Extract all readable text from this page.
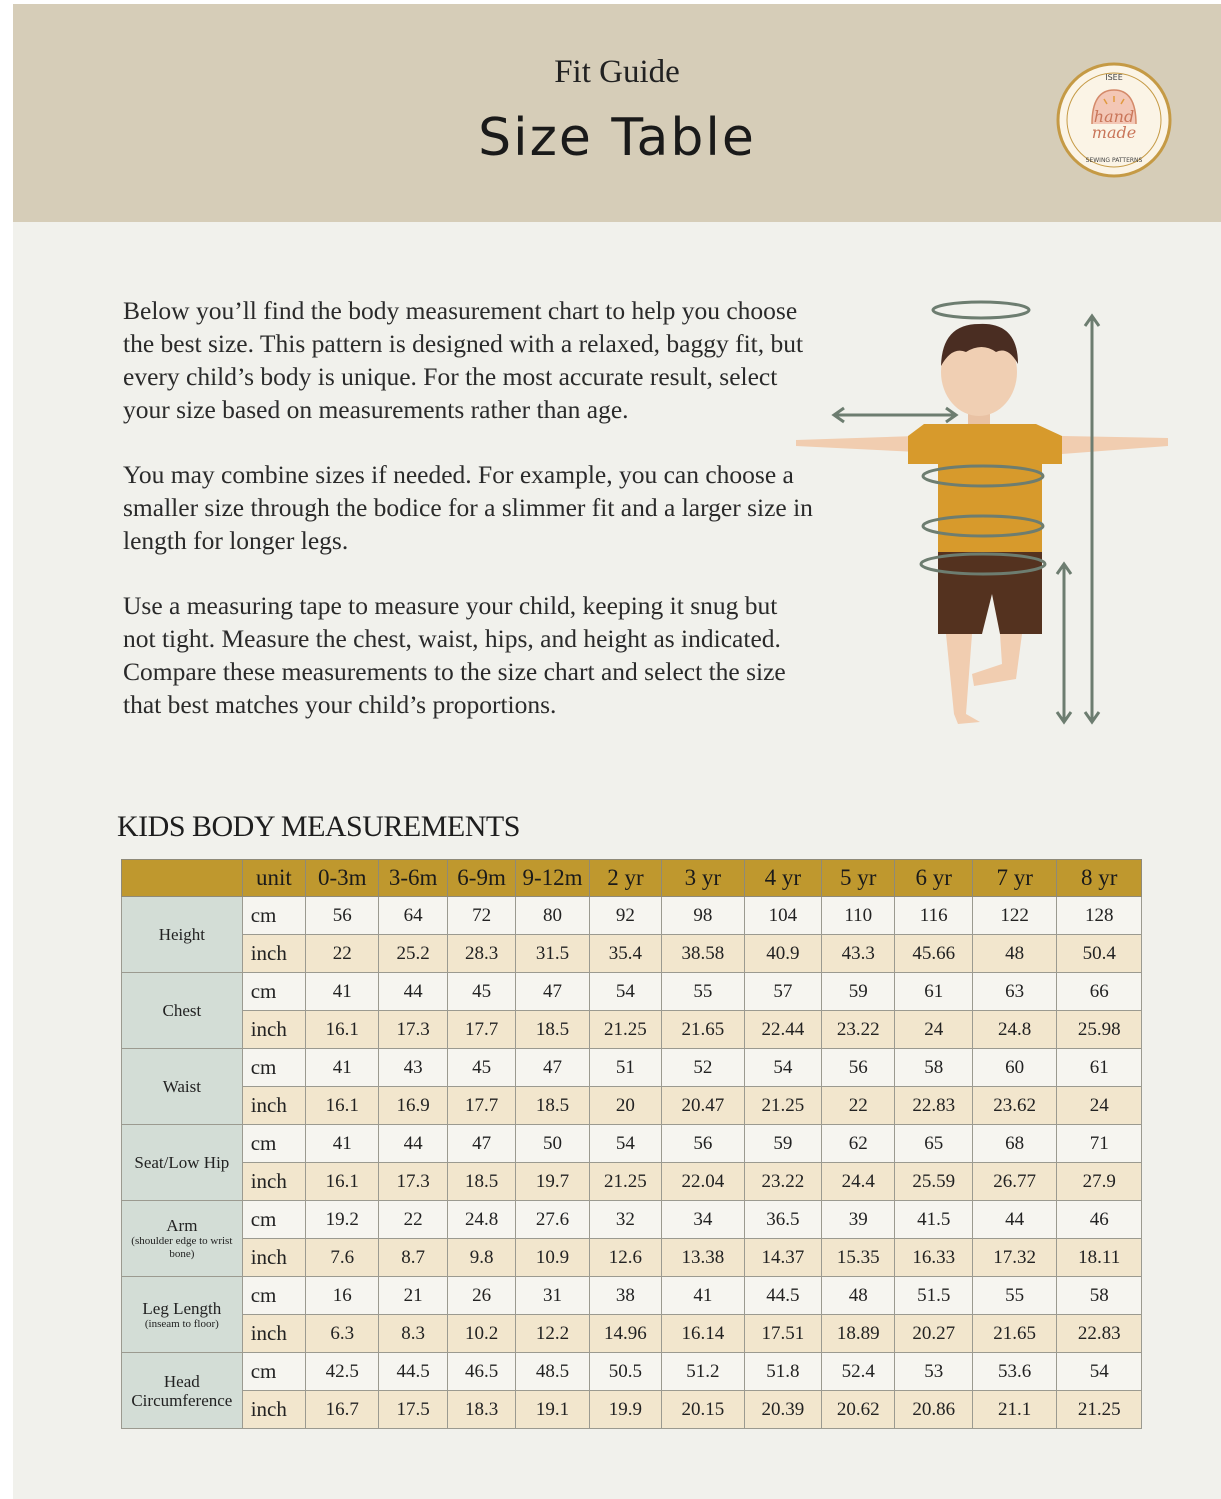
Fit Guide
Size Table
ISEE
hand
made
SEWING PATTERNS

Below you’ll find the body measurement chart to help you choose the best size. This pattern is designed with a relaxed, baggy fit, but every child’s body is unique. For the most accurate result, select your size based on measurements rather than age.

You may combine sizes if needed. For example, you can choose a smaller size through the bodice for a slimmer fit and a larger size in length for longer legs.

Use a measuring tape to measure your child, keeping it snug but not tight. Measure the chest, waist, hips, and height as indicated. Compare these measurements to the size chart and select the size that best matches your child’s proportions.

KIDS BODY MEASUREMENTS
	unit	0-3m	3-6m	6-9m	9-12m	2 yr	3 yr	4 yr	5 yr	6 yr	7 yr	8 yr
Height	cm	56	64	72	80	92	98	104	110	116	122	128
	inch	22	25.2	28.3	31.5	35.4	38.58	40.9	43.3	45.66	48	50.4
Chest	cm	41	44	45	47	54	55	57	59	61	63	66
	inch	16.1	17.3	17.7	18.5	21.25	21.65	22.44	23.22	24	24.8	25.98
Waist	cm	41	43	45	47	51	52	54	56	58	60	61
	inch	16.1	16.9	17.7	18.5	20	20.47	21.25	22	22.83	23.62	24
Seat/Low Hip	cm	41	44	47	50	54	56	59	62	65	68	71
	inch	16.1	17.3	18.5	19.7	21.25	22.04	23.22	24.4	25.59	26.77	27.9
Arm
(shoulder edge to wrist bone)	cm	19.2	22	24.8	27.6	32	34	36.5	39	41.5	44	46
	inch	7.6	8.7	9.8	10.9	12.6	13.38	14.37	15.35	16.33	17.32	18.11
Leg Length
(inseam to floor)	cm	16	21	26	31	38	41	44.5	48	51.5	55	58
	inch	6.3	8.3	10.2	12.2	14.96	16.14	17.51	18.89	20.27	21.65	22.83
Head Circumference	cm	42.5	44.5	46.5	48.5	50.5	51.2	51.8	52.4	53	53.6	54
	inch	16.7	17.5	18.3	19.1	19.9	20.15	20.39	20.62	20.86	21.1	21.25
